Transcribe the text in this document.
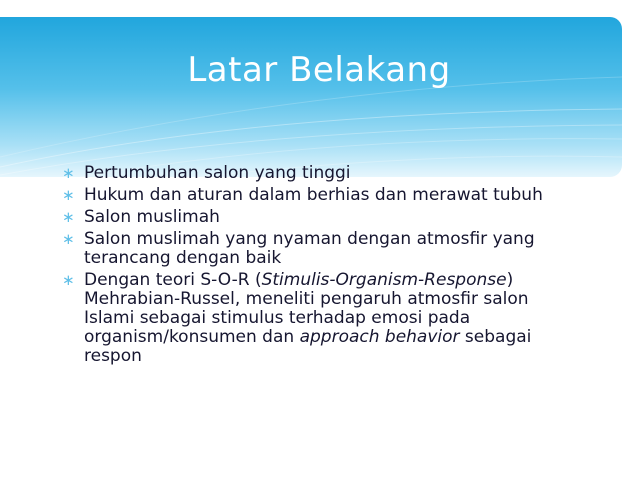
Latar Belakang
∗ Pertumbuhan salon yang tinggi
∗ Hukum dan aturan dalam berhias dan merawat tubuh
∗ Salon muslimah
∗ Salon muslimah yang nyaman dengan atmosfir yang terancang dengan baik
∗ Dengan teori S-O-R (Stimulis-Organism-Response) Mehrabian-Russel, meneliti pengaruh atmosfir salon Islami sebagai stimulus terhadap emosi pada organism/konsumen dan approach behavior sebagai respon
